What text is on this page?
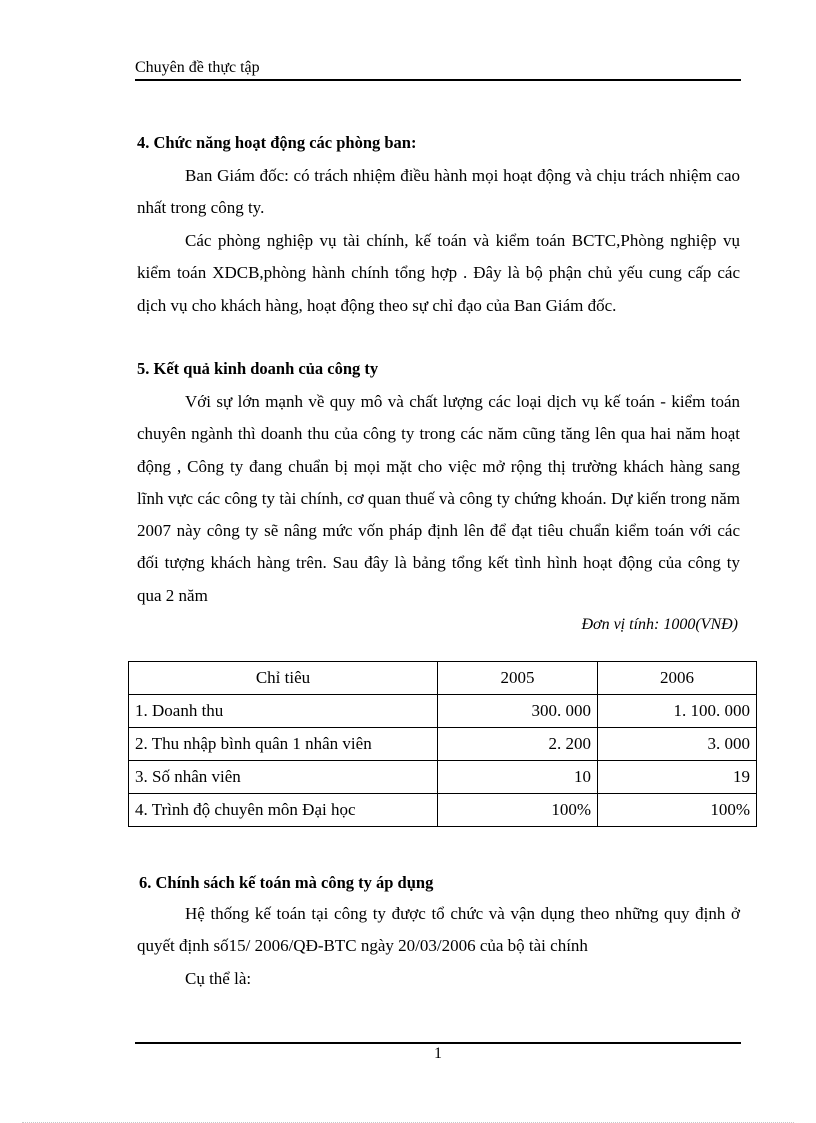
Chuyên đề thực tập
4. Chức năng hoạt động các phòng ban:
Ban Giám đốc: có trách nhiệm điều hành mọi hoạt động và chịu trách nhiệm cao nhất trong công ty.
Các phòng nghiệp vụ tài chính, kế toán và kiểm toán BCTC,Phòng nghiệp vụ kiểm toán XDCB,phòng hành chính tổng hợp . Đây là bộ phận chủ yếu cung cấp các dịch vụ cho khách hàng, hoạt động theo sự chỉ đạo của Ban Giám đốc.
5. Kết quả kinh doanh của công ty
Với sự lớn mạnh về quy mô và chất lượng các loại dịch vụ kế toán - kiểm toán chuyên ngành thì doanh thu của công ty trong các năm cũng tăng lên qua hai năm hoạt động , Công ty đang chuẩn bị mọi mặt cho việc mở rộng thị trường khách hàng sang lĩnh vực các công ty tài chính, cơ quan thuế và công ty chứng khoán. Dự kiến trong năm 2007 này công ty sẽ nâng mức vốn pháp định lên để đạt tiêu chuẩn kiểm toán với các đối tượng khách hàng trên. Sau đây là bảng tổng kết tình hình hoạt động của công ty qua 2 năm
Đơn vị tính: 1000(VNĐ)
Chỉ tiêu	2005	2006
1. Doanh thu	300. 000	1. 100. 000
2. Thu nhập bình quân 1 nhân viên	2. 200	3. 000
3. Số nhân viên	10	19
4. Trình độ chuyên môn Đại học	100%	100%
6. Chính sách kế toán mà công ty áp dụng
Hệ thống kế toán tại công ty được tổ chức và vận dụng theo những quy định ở quyết định số15/ 2006/QĐ-BTC ngày 20/03/2006 của bộ tài chính
Cụ thể là:
1
